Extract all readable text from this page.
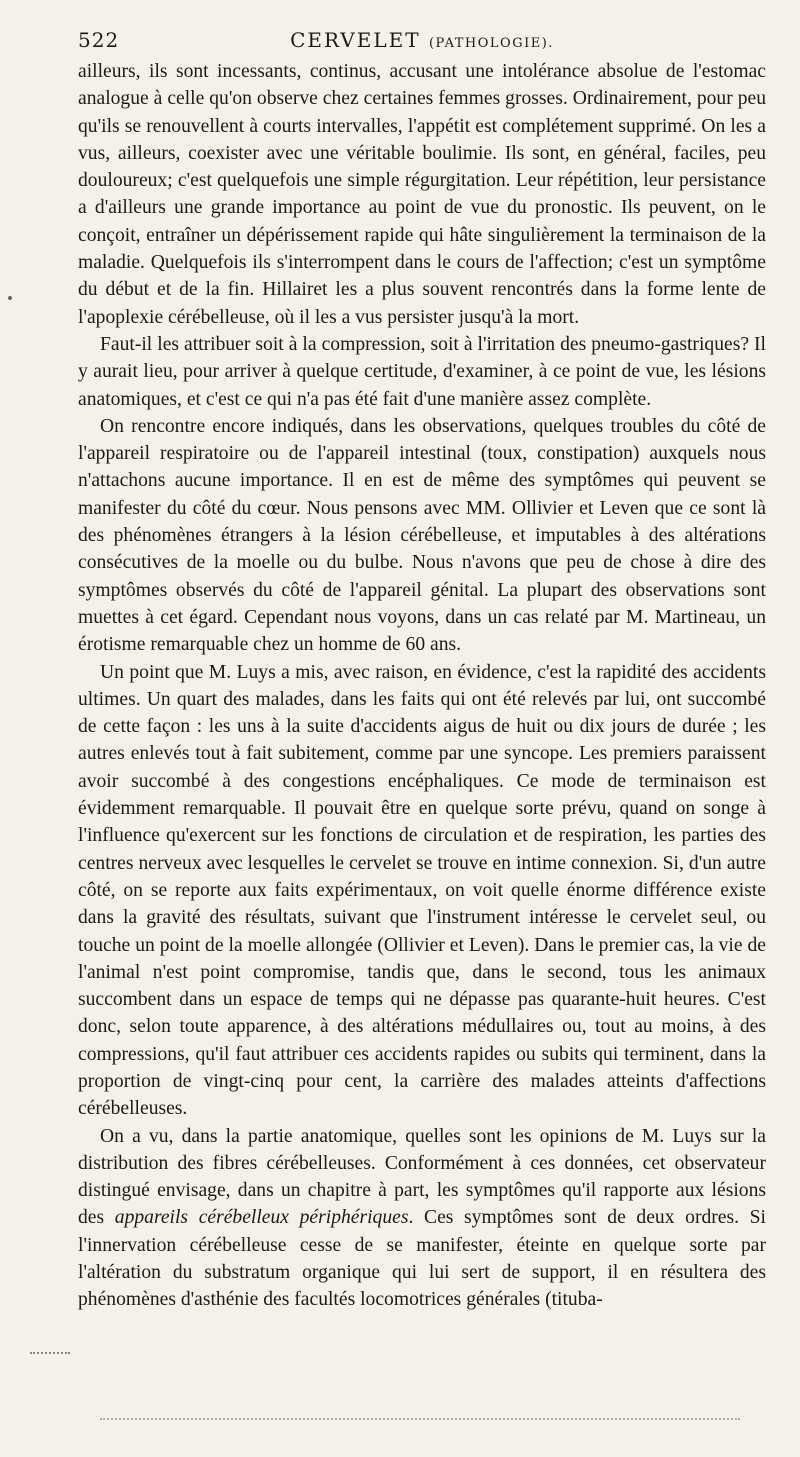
522	CERVELET (PATHOLOGIE).

ailleurs, ils sont incessants, continus, accusant une intolérance absolue de l'estomac analogue à celle qu'on observe chez certaines femmes grosses. Ordinairement, pour peu qu'ils se renouvellent à courts intervalles, l'appétit est complétement supprimé. On les a vus, ailleurs, coexister avec une véritable boulimie. Ils sont, en général, faciles, peu douloureux; c'est quelquefois une simple régurgitation. Leur répétition, leur persistance a d'ailleurs une grande importance au point de vue du pronostic. Ils peuvent, on le conçoit, entraîner un dépérissement rapide qui hâte singulièrement la terminaison de la maladie. Quelquefois ils s'interrompent dans le cours de l'affection; c'est un symptôme du début et de la fin. Hillairet les a plus souvent rencontrés dans la forme lente de l'apoplexie cérébelleuse, où il les a vus persister jusqu'à la mort.

Faut-il les attribuer soit à la compression, soit à l'irritation des pneumo-gastriques? Il y aurait lieu, pour arriver à quelque certitude, d'examiner, à ce point de vue, les lésions anatomiques, et c'est ce qui n'a pas été fait d'une manière assez complète.

On rencontre encore indiqués, dans les observations, quelques troubles du côté de l'appareil respiratoire ou de l'appareil intestinal (toux, constipation) auxquels nous n'attachons aucune importance. Il en est de même des symptômes qui peuvent se manifester du côté du cœur. Nous pensons avec MM. Ollivier et Leven que ce sont là des phénomènes étrangers à la lésion cérébelleuse, et imputables à des altérations consécutives de la moelle ou du bulbe. Nous n'avons que peu de chose à dire des symptômes observés du côté de l'appareil génital. La plupart des observations sont muettes à cet égard. Cependant nous voyons, dans un cas relaté par M. Martineau, un érotisme remarquable chez un homme de 60 ans.

Un point que M. Luys a mis, avec raison, en évidence, c'est la rapidité des accidents ultimes. Un quart des malades, dans les faits qui ont été relevés par lui, ont succombé de cette façon : les uns à la suite d'accidents aigus de huit ou dix jours de durée ; les autres enlevés tout à fait subitement, comme par une syncope. Les premiers paraissent avoir succombé à des congestions encéphaliques. Ce mode de terminaison est évidemment remarquable. Il pouvait être en quelque sorte prévu, quand on songe à l'influence qu'exercent sur les fonctions de circulation et de respiration, les parties des centres nerveux avec lesquelles le cervelet se trouve en intime connexion. Si, d'un autre côté, on se reporte aux faits expérimentaux, on voit quelle énorme différence existe dans la gravité des résultats, suivant que l'instrument intéresse le cervelet seul, ou touche un point de la moelle allongée (Ollivier et Leven). Dans le premier cas, la vie de l'animal n'est point compromise, tandis que, dans le second, tous les animaux succombent dans un espace de temps qui ne dépasse pas quarante-huit heures. C'est donc, selon toute apparence, à des altérations médullaires ou, tout au moins, à des compressions, qu'il faut attribuer ces accidents rapides ou subits qui terminent, dans la proportion de vingt-cinq pour cent, la carrière des malades atteints d'affections cérébelleuses.

On a vu, dans la partie anatomique, quelles sont les opinions de M. Luys sur la distribution des fibres cérébelleuses. Conformément à ces données, cet observateur distingué envisage, dans un chapitre à part, les symptômes qu'il rapporte aux lésions des appareils cérébelleux périphériques. Ces symptômes sont de deux ordres. Si l'innervation cérébelleuse cesse de se manifester, éteinte en quelque sorte par l'altération du substratum organique qui lui sert de support, il en résultera des phénomènes d'asthénie des facultés locomotrices générales (tituba-
